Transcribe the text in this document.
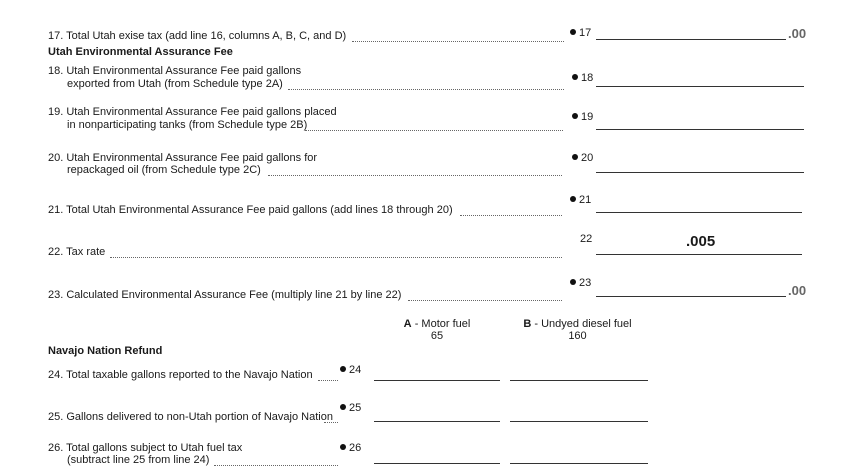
17. Total Utah exise tax (add line 16, columns A, B, C, and D)	17	.00
Utah Environmental Assurance Fee
18. Utah Environmental Assurance Fee paid gallons
exported from Utah (from Schedule type 2A)	18
19. Utah Environmental Assurance Fee paid gallons placed
in nonparticipating tanks (from Schedule type 2B)
19
20. Utah Environmental Assurance Fee paid gallons for
repackaged oil (from Schedule type 2C)
20
21. Total Utah Environmental Assurance Fee paid gallons (add lines 18 through 20)
21
22. Tax rate
22	.005
23. Calculated Environmental Assurance Fee (multiply line 21 by line 22)
23	.00
A - Motor fuel
65
B - Undyed diesel fuel
160
Navajo Nation Refund
24. Total taxable gallons reported to the Navajo Nation	24
25. Gallons delivered to non-Utah portion of Navajo Nation
25
26. Total gallons subject to Utah fuel tax
(subtract line 25 from line 24)
26
